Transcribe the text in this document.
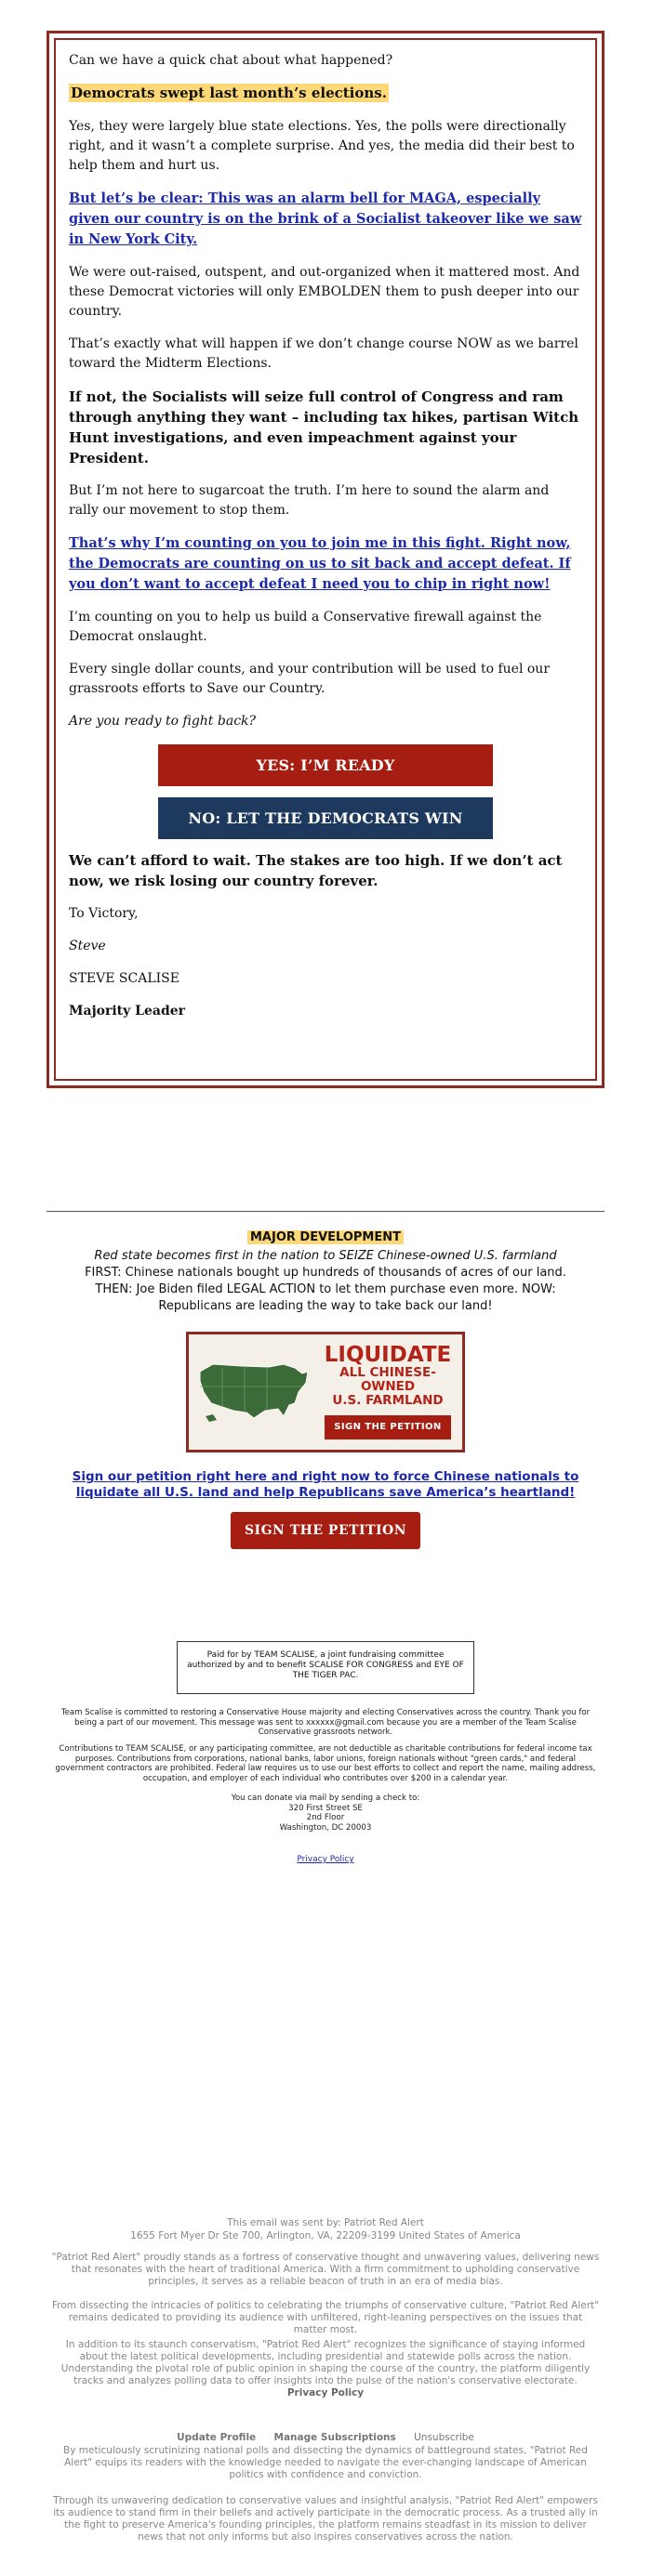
Can we have a quick chat about what happened?

Democrats swept last month’s elections.

Yes, they were largely blue state elections. Yes, the polls were directionally right, and it wasn’t a complete surprise. And yes, the media did their best to help them and hurt us.

But let’s be clear: This was an alarm bell for MAGA, especially given our country is on the brink of a Socialist takeover like we saw in New York City.

We were out-raised, outspent, and out-organized when it mattered most. And these Democrat victories will only EMBOLDEN them to push deeper into our country.

That’s exactly what will happen if we don’t change course NOW as we barrel toward the Midterm Elections.

If not, the Socialists will seize full control of Congress and ram through anything they want – including tax hikes, partisan Witch Hunt investigations, and even impeachment against your President.

But I’m not here to sugarcoat the truth. I’m here to sound the alarm and rally our movement to stop them.

That’s why I’m counting on you to join me in this fight. Right now, the Democrats are counting on us to sit back and accept defeat. If you don’t want to accept defeat I need you to chip in right now!

I’m counting on you to help us build a Conservative firewall against the Democrat onslaught.

Every single dollar counts, and your contribution will be used to fuel our grassroots efforts to Save our Country.

Are you ready to fight back?

YES: I’M READY
NO: LET THE DEMOCRATS WIN

We can’t afford to wait. The stakes are too high. If we don’t act now, we risk losing our country forever.

To Victory,

Steve

STEVE SCALISE

Majority Leader

MAJOR DEVELOPMENT
Red state becomes first in the nation to SEIZE Chinese-owned U.S. farmland
FIRST: Chinese nationals bought up hundreds of thousands of acres of our land. THEN: Joe Biden filed LEGAL ACTION to let them purchase even more. NOW: Republicans are leading the way to take back our land!
LIQUIDATE
ALL CHINESE-OWNED
U.S. FARMLAND
SIGN THE PETITION
Sign our petition right here and right now to force Chinese nationals to liquidate all U.S. land and help Republicans save America’s heartland!
SIGN THE PETITION
Paid for by TEAM SCALISE, a joint fundraising committee authorized by and to benefit SCALISE FOR CONGRESS and EYE OF THE TIGER PAC.
Team Scalise is committed to restoring a Conservative House majority and electing Conservatives across the country. Thank you for being a part of our movement. This message was sent to xxxxxx@gmail.com because you are a member of the Team Scalise Conservative grassroots network.
Contributions to TEAM SCALISE, or any participating committee, are not deductible as charitable contributions for federal income tax purposes. Contributions from corporations, national banks, labor unions, foreign nationals without "green cards," and federal government contractors are prohibited. Federal law requires us to use our best efforts to collect and report the name, mailing address, occupation, and employer of each individual who contributes over $200 in a calendar year.
You can donate via mail by sending a check to:
320 First Street SE
2nd Floor
Washington, DC 20003
Privacy Policy
This email was sent by: Patriot Red Alert
1655 Fort Myer Dr Ste 700, Arlington, VA, 22209-3199 United States of America
"Patriot Red Alert" proudly stands as a fortress of conservative thought and unwavering values, delivering news that resonates with the heart of traditional America. With a firm commitment to upholding conservative principles, it serves as a reliable beacon of truth in an era of media bias.
From dissecting the intricacies of politics to celebrating the triumphs of conservative culture, "Patriot Red Alert" remains dedicated to providing its audience with unfiltered, right-leaning perspectives on the issues that matter most.
In addition to its staunch conservatism, "Patriot Red Alert" recognizes the significance of staying informed about the latest political developments, including presidential and statewide polls across the nation. Understanding the pivotal role of public opinion in shaping the course of the country, the platform diligently tracks and analyzes polling data to offer insights into the pulse of the nation's conservative electorate.
Privacy Policy
Update Profile Manage Subscriptions Unsubscribe
By meticulously scrutinizing national polls and dissecting the dynamics of battleground states, "Patriot Red Alert" equips its readers with the knowledge needed to navigate the ever-changing landscape of American politics with confidence and conviction.
Through its unwavering dedication to conservative values and insightful analysis, "Patriot Red Alert" empowers its audience to stand firm in their beliefs and actively participate in the democratic process. As a trusted ally in the fight to preserve America's founding principles, the platform remains steadfast in its mission to deliver news that not only informs but also inspires conservatives across the nation.
